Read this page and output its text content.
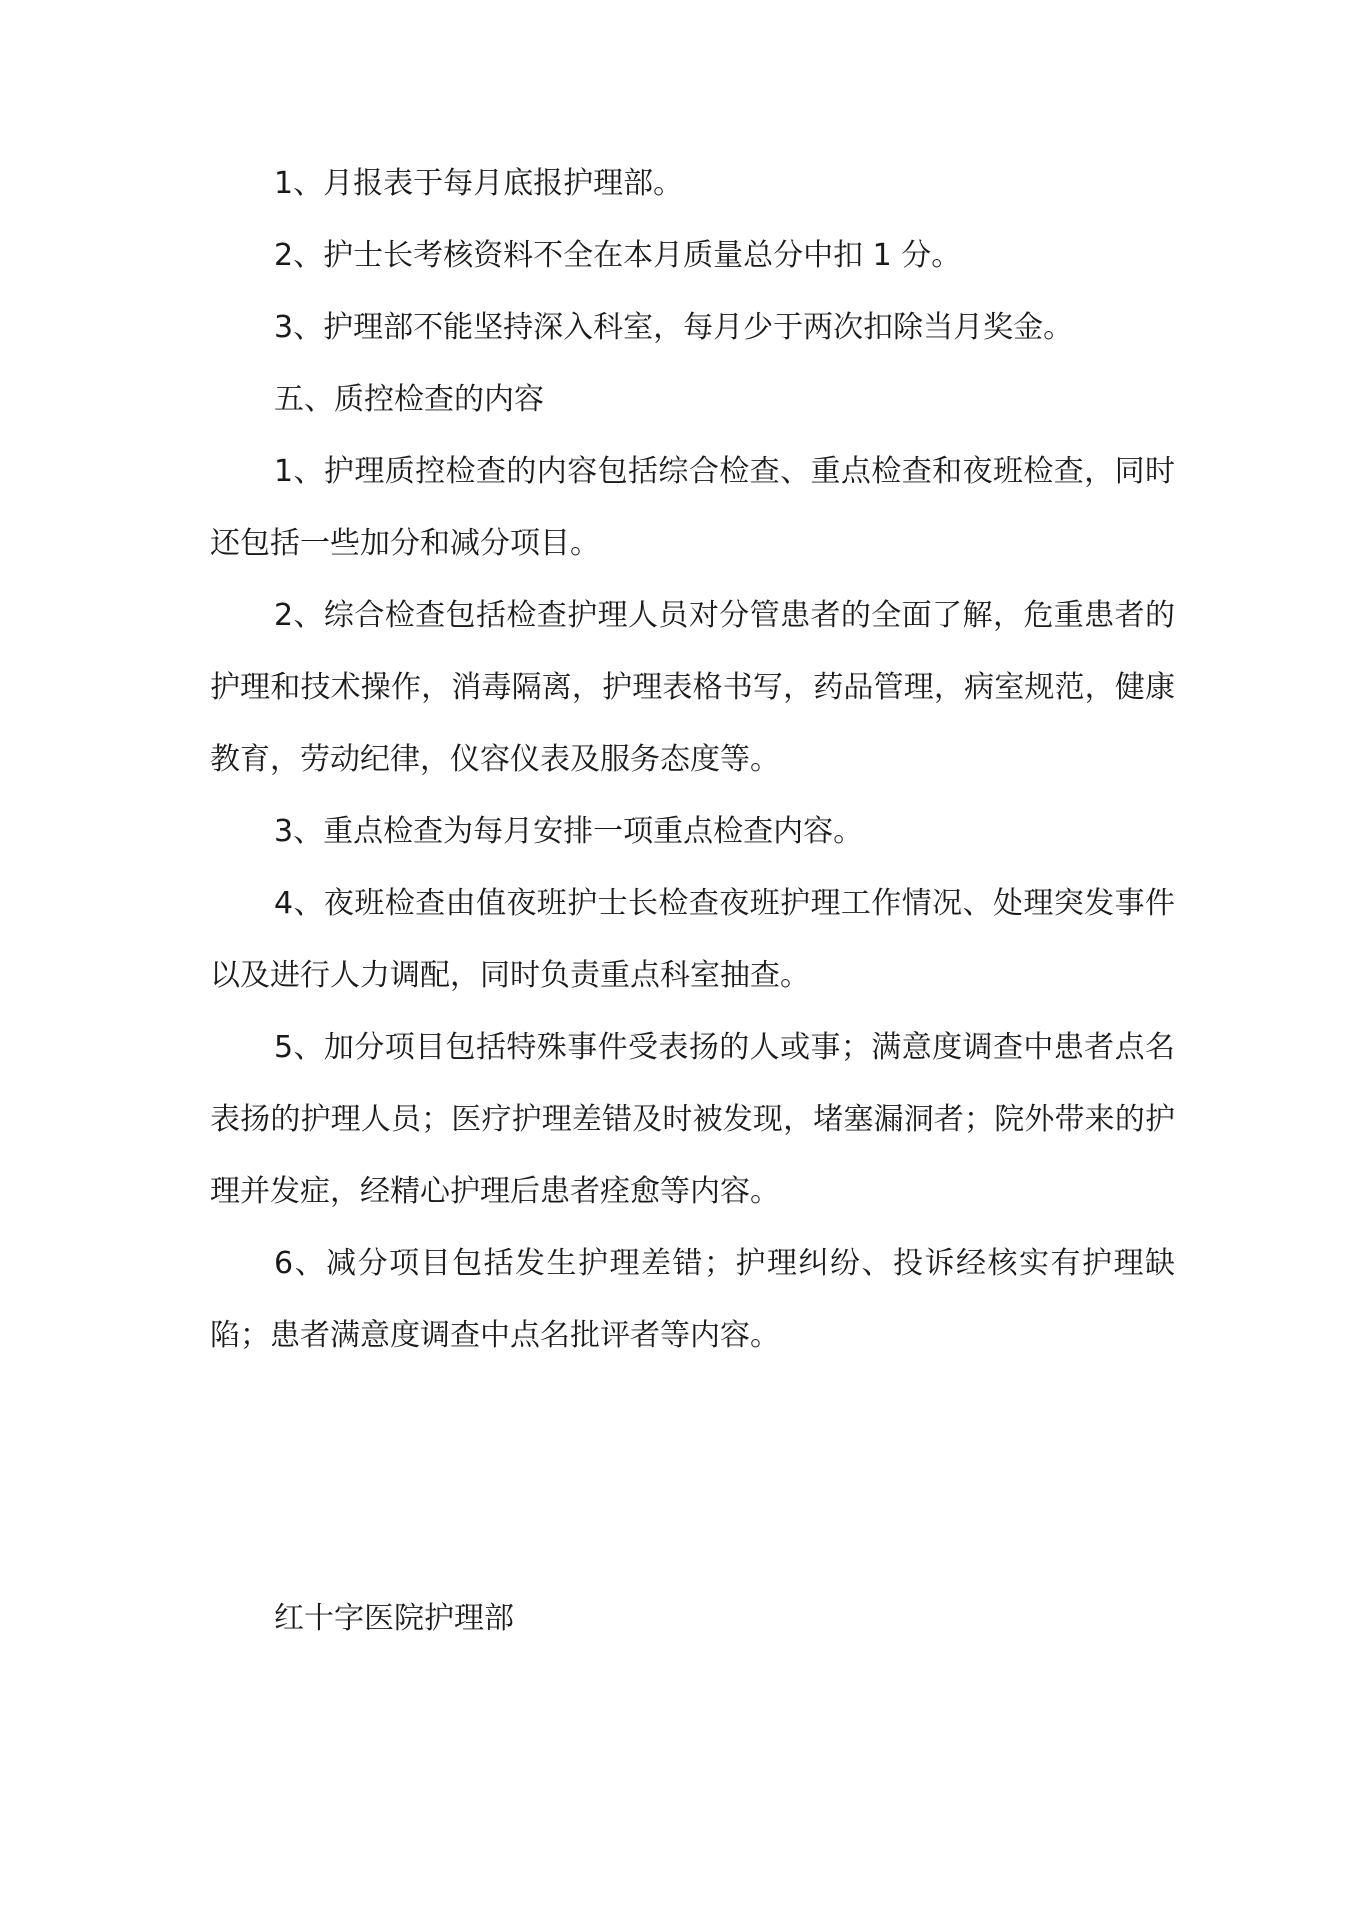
1、月报表于每月底报护理部。

2、护士长考核资料不全在本月质量总分中扣 1 分。

3、护理部不能坚持深入科室，每月少于两次扣除当月奖金。

五、质控检查的内容

1、护理质控检查的内容包括综合检查、重点检查和夜班检查，同时还包括一些加分和减分项目。

2、综合检查包括检查护理人员对分管患者的全面了解，危重患者的护理和技术操作，消毒隔离，护理表格书写，药品管理，病室规范，健康教育，劳动纪律，仪容仪表及服务态度等。

3、重点检查为每月安排一项重点检查内容。

4、夜班检查由值夜班护士长检查夜班护理工作情况、处理突发事件以及进行人力调配，同时负责重点科室抽查。

5、加分项目包括特殊事件受表扬的人或事；满意度调查中患者点名表扬的护理人员；医疗护理差错及时被发现，堵塞漏洞者；院外带来的护理并发症，经精心护理后患者痊愈等内容。

6、减分项目包括发生护理差错；护理纠纷、投诉经核实有护理缺陷；患者满意度调查中点名批评者等内容。

红十字医院护理部
